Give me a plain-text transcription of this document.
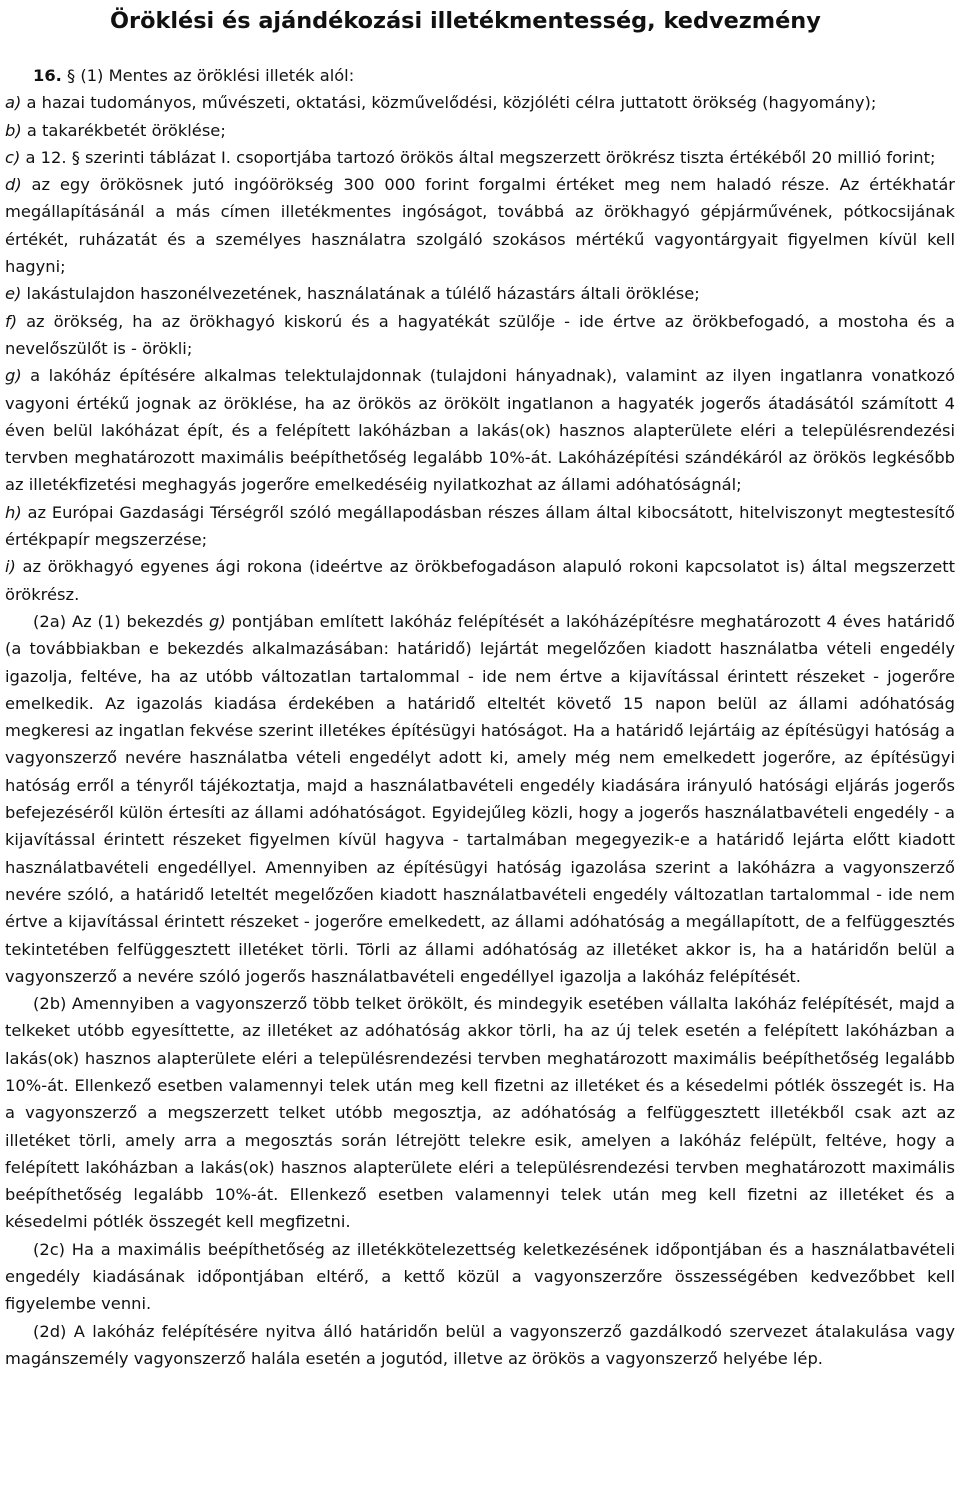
Öröklési és ajándékozási illetékmentesség, kedvezmény

16. § (1) Mentes az öröklési illeték alól:

a) a hazai tudományos, művészeti, oktatási, közművelődési, közjóléti célra juttatott örökség (hagyomány);

b) a takarékbetét öröklése;

c) a 12. § szerinti táblázat I. csoportjába tartozó örökös által megszerzett örökrész tiszta értékéből 20 millió forint;

d) az egy örökösnek jutó ingóörökség 300 000 forint forgalmi értéket meg nem haladó része. Az értékhatár megállapításánál a más címen illetékmentes ingóságot, továbbá az örökhagyó gépjárművének, pótkocsijának értékét, ruházatát és a személyes használatra szolgáló szokásos mértékű vagyontárgyait figyelmen kívül kell hagyni;

e) lakástulajdon haszonélvezetének, használatának a túlélő házastárs általi öröklése;

f) az örökség, ha az örökhagyó kiskorú és a hagyatékát szülője - ide értve az örökbefogadó, a mostoha és a nevelőszülőt is - örökli;

g) a lakóház építésére alkalmas telektulajdonnak (tulajdoni hányadnak), valamint az ilyen ingatlanra vonatkozó vagyoni értékű jognak az öröklése, ha az örökös az örökölt ingatlanon a hagyaték jogerős átadásától számított 4 éven belül lakóházat épít, és a felépített lakóházban a lakás(ok) hasznos alapterülete eléri a településrendezési tervben meghatározott maximális beépíthetőség legalább 10%-át. Lakóházépítési szándékáról az örökös legkésőbb az illetékfizetési meghagyás jogerőre emelkedéséig nyilatkozhat az állami adóhatóságnál;

h) az Európai Gazdasági Térségről szóló megállapodásban részes állam által kibocsátott, hitelviszonyt megtestesítő értékpapír megszerzése;

i) az örökhagyó egyenes ági rokona (ideértve az örökbefogadáson alapuló rokoni kapcsolatot is) által megszerzett örökrész.

(2a) Az (1) bekezdés g) pontjában említett lakóház felépítését a lakóházépítésre meghatározott 4 éves határidő (a továbbiakban e bekezdés alkalmazásában: határidő) lejártát megelőzően kiadott használatba vételi engedély igazolja, feltéve, ha az utóbb változatlan tartalommal - ide nem értve a kijavítással érintett részeket - jogerőre emelkedik. Az igazolás kiadása érdekében a határidő elteltét követő 15 napon belül az állami adóhatóság megkeresi az ingatlan fekvése szerint illetékes építésügyi hatóságot. Ha a határidő lejártáig az építésügyi hatóság a vagyonszerző nevére használatba vételi engedélyt adott ki, amely még nem emelkedett jogerőre, az építésügyi hatóság erről a tényről tájékoztatja, majd a használatbavételi engedély kiadására irányuló hatósági eljárás jogerős befejezéséről külön értesíti az állami adóhatóságot. Egyidejűleg közli, hogy a jogerős használatbavételi engedély - a kijavítással érintett részeket figyelmen kívül hagyva - tartalmában megegyezik-e a határidő lejárta előtt kiadott használatbavételi engedéllyel. Amennyiben az építésügyi hatóság igazolása szerint a lakóházra a vagyonszerző nevére szóló, a határidő leteltét megelőzően kiadott használatbavételi engedély változatlan tartalommal - ide nem értve a kijavítással érintett részeket - jogerőre emelkedett, az állami adóhatóság a megállapított, de a felfüggesztés tekintetében felfüggesztett illetéket törli. Törli az állami adóhatóság az illetéket akkor is, ha a határidőn belül a vagyonszerző a nevére szóló jogerős használatbavételi engedéllyel igazolja a lakóház felépítését.

(2b) Amennyiben a vagyonszerző több telket örökölt, és mindegyik esetében vállalta lakóház felépítését, majd a telkeket utóbb egyesíttette, az illetéket az adóhatóság akkor törli, ha az új telek esetén a felépített lakóházban a lakás(ok) hasznos alapterülete eléri a településrendezési tervben meghatározott maximális beépíthetőség legalább 10%-át. Ellenkező esetben valamennyi telek után meg kell fizetni az illetéket és a késedelmi pótlék összegét is. Ha a vagyonszerző a megszerzett telket utóbb megosztja, az adóhatóság a felfüggesztett illetékből csak azt az illetéket törli, amely arra a megosztás során létrejött telekre esik, amelyen a lakóház felépült, feltéve, hogy a felépített lakóházban a lakás(ok) hasznos alapterülete eléri a településrendezési tervben meghatározott maximális beépíthetőség legalább 10%-át. Ellenkező esetben valamennyi telek után meg kell fizetni az illetéket és a késedelmi pótlék összegét kell megfizetni.

(2c) Ha a maximális beépíthetőség az illetékkötelezettség keletkezésének időpontjában és a használatbavételi engedély kiadásának időpontjában eltérő, a kettő közül a vagyonszerzőre összességében kedvezőbbet kell figyelembe venni.

(2d) A lakóház felépítésére nyitva álló határidőn belül a vagyonszerző gazdálkodó szervezet átalakulása vagy magánszemély vagyonszerző halála esetén a jogutód, illetve az örökös a vagyonszerző helyébe lép.
